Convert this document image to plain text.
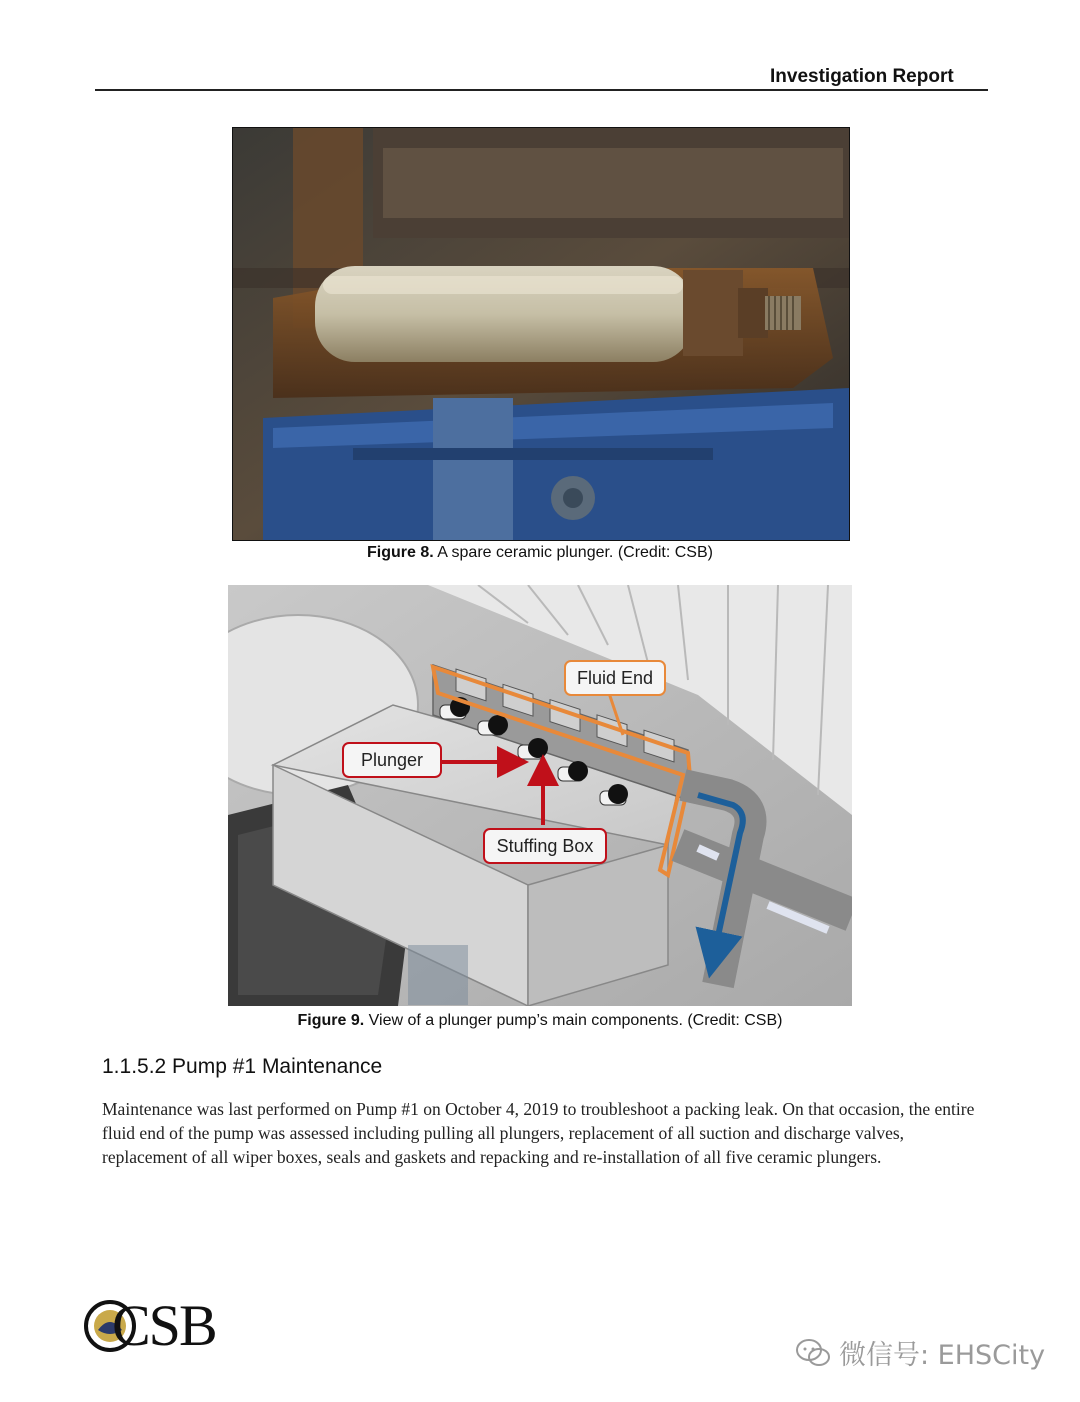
Investigation Report
Figure 8. A spare ceramic plunger. (Credit: CSB)
Fluid End
Plunger
Stuffing Box
Figure 9. View of a plunger pump’s main components. (Credit: CSB)
1.1.5.2 Pump #1 Maintenance
Maintenance was last performed on Pump #1 on October 4, 2019 to troubleshoot a packing leak. On that occasion, the entire fluid end of the pump was assessed including pulling all plungers, replacement of all suction and discharge valves, replacement of all wiper boxes, seals and gaskets and repacking and re-installation of all five ceramic plungers.
CSB	微信号: EHSCity
